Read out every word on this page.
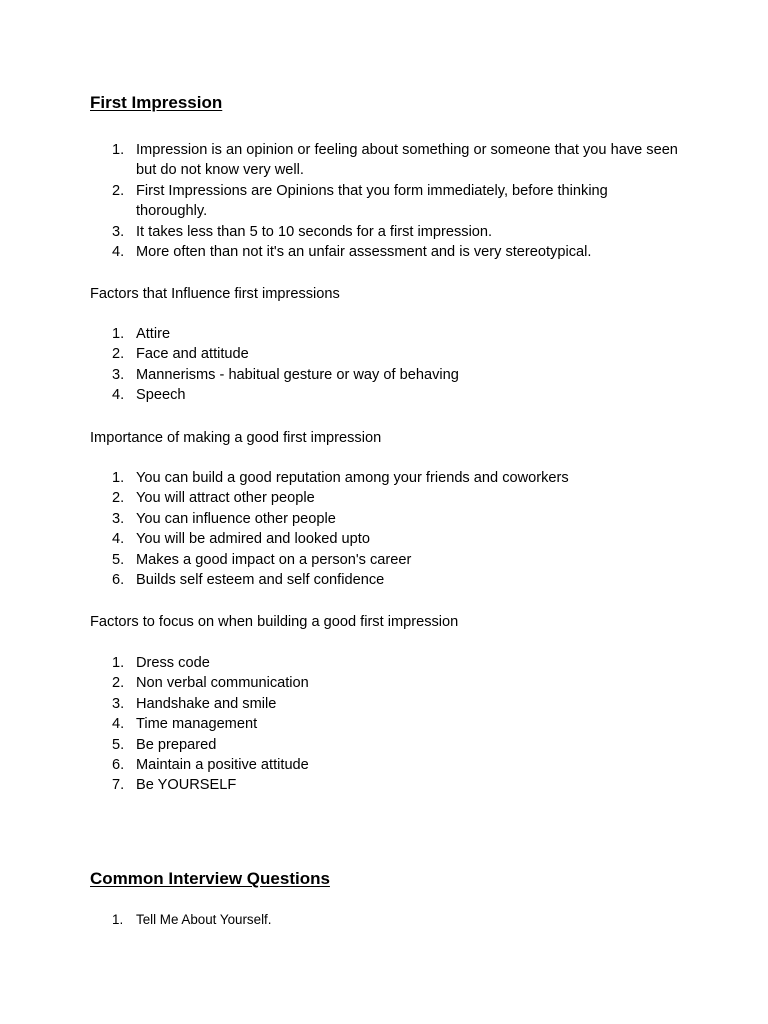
First Impression
1. Impression is an opinion or feeling about something or someone that you have seen but do not know very well.
2. First Impressions are Opinions that you form immediately, before thinking thoroughly.
3. It takes less than 5 to 10 seconds for a first impression.
4. More often than not it's an unfair assessment and is very stereotypical.

Factors that Influence first impressions

1. Attire
2. Face and attitude
3. Mannerisms - habitual gesture or way of behaving
4. Speech

Importance of making a good first impression

1. You can build a good reputation among your friends and coworkers
2. You will attract other people
3. You can influence other people
4. You will be admired and looked upto
5. Makes a good impact on a person's career
6. Builds self esteem and self confidence

Factors to focus on when building a good first impression

1. Dress code
2. Non verbal communication
3. Handshake and smile
4. Time management
5. Be prepared
6. Maintain a positive attitude
7. Be YOURSELF
Common Interview Questions
1. Tell Me About Yourself.
